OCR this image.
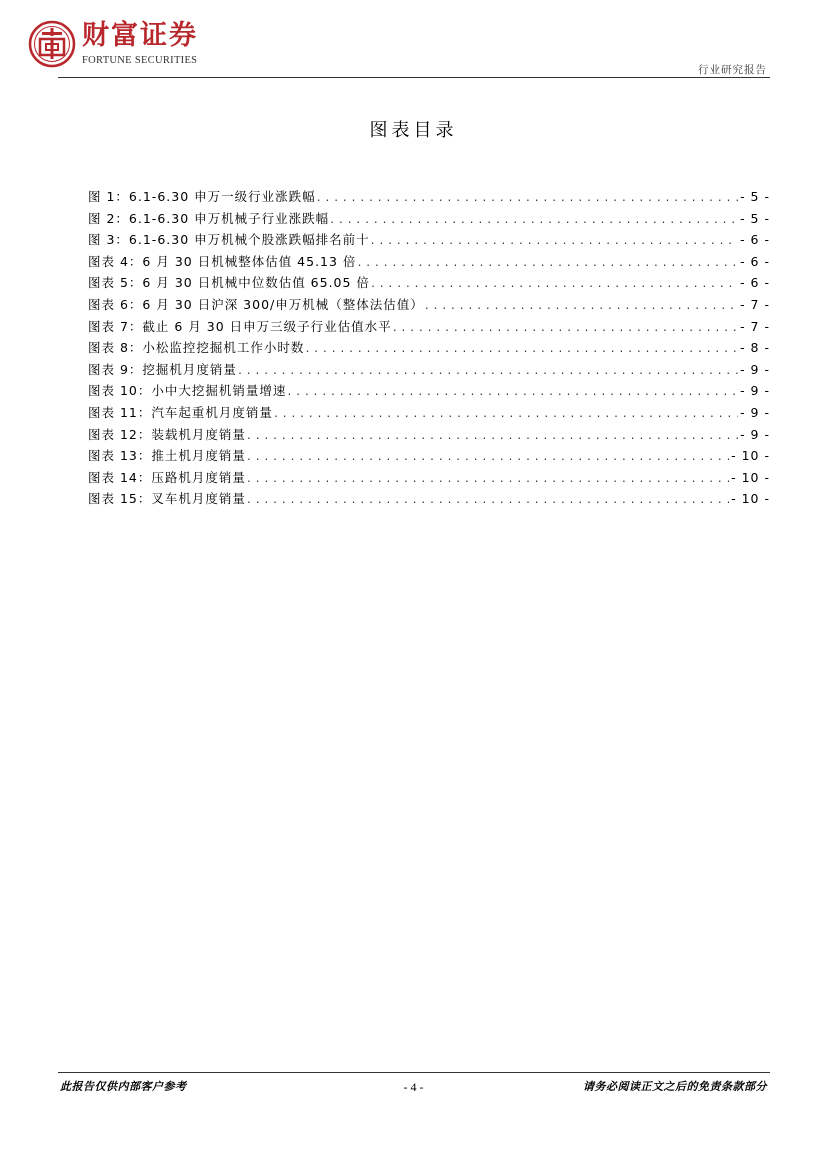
财富证券
FORTUNE SECURITIES
行业研究报告
图表目录
图 1：6.1-6.30 申万一级行业涨跌幅 .....	- 5 -
图 2：6.1-6.30 申万机械子行业涨跌幅 .....	- 5 -
图 3：6.1-6.30 申万机械个股涨跌幅排名前十 .....	- 6 -
图表 4：6 月 30 日机械整体估值 45.13 倍 .....	- 6 -
图表 5：6 月 30 日机械中位数估值 65.05 倍 .....	- 6 -
图表 6：6 月 30 日沪深 300/申万机械（整体法估值） .....	- 7 -
图表 7：截止 6 月 30 日申万三级子行业估值水平 .....	- 7 -
图表 8：小松监控挖掘机工作小时数 .....	- 8 -
图表 9：挖掘机月度销量 .....	- 9 -
图表 10：小中大挖掘机销量增速 .....	- 9 -
图表 11：汽车起重机月度销量 .....	- 9 -
图表 12：装载机月度销量 .....	- 9 -
图表 13：推土机月度销量 .....	- 10 -
图表 14：压路机月度销量 .....	- 10 -
图表 15：叉车机月度销量 .....	- 10 -
此报告仅供内部客户参考	- 4 -	请务必阅读正文之后的免责条款部分
